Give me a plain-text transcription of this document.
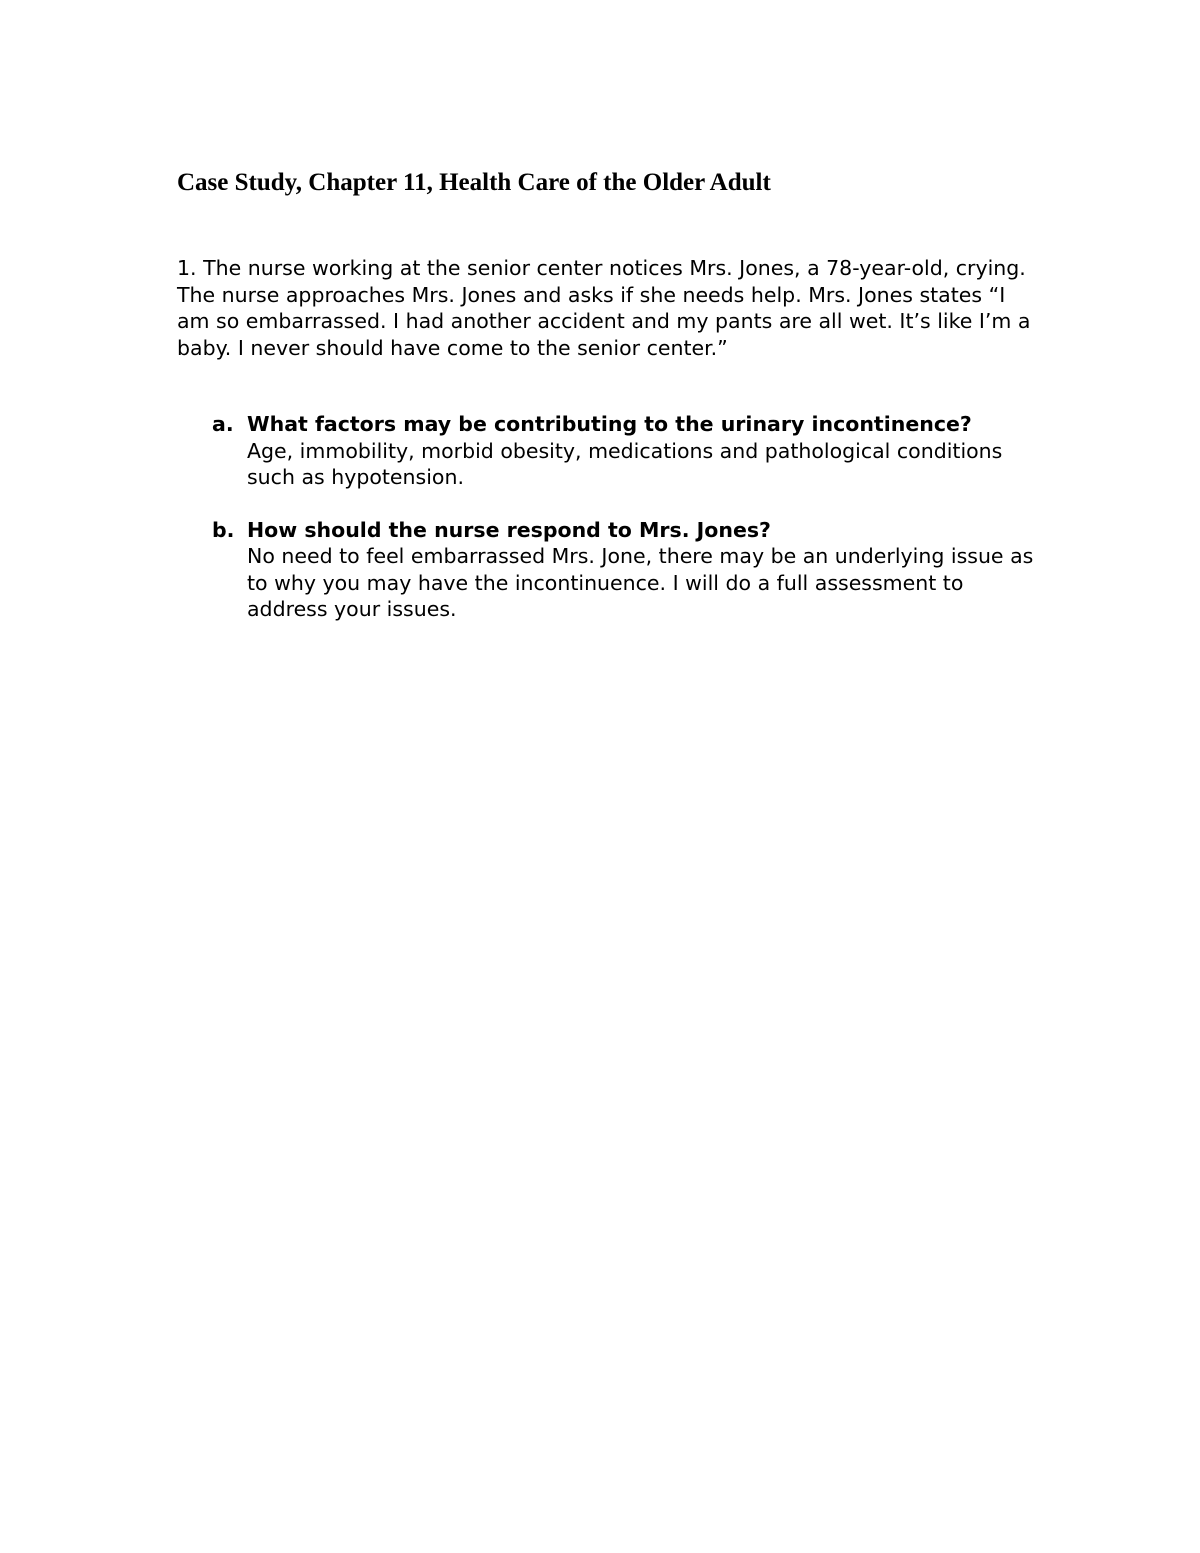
Case Study, Chapter 11, Health Care of the Older Adult

1. The nurse working at the senior center notices Mrs. Jones, a 78-year-old, crying. The nurse approaches Mrs. Jones and asks if she needs help. Mrs. Jones states “I am so embarrassed. I had another accident and my pants are all wet. It’s like I’m a baby. I never should have come to the senior center.”

a. What factors may be contributing to the urinary incontinence?
Age, immobility, morbid obesity, medications and pathological conditions such as hypotension.
b. How should the nurse respond to Mrs. Jones?
No need to feel embarrassed Mrs. Jone, there may be an underlying issue as to why you may have the incontinuence. I will do a full assessment to address your issues.
